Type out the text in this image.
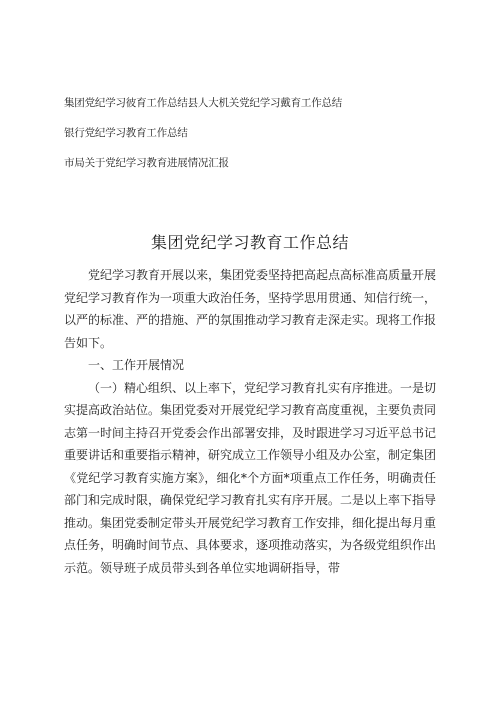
集团党纪学习彼育工作总结县人大机关党纪学习戴育工作总结
银行党纪学习教育工作总结
市局关于党纪学习教育进展情况汇报
集团党纪学习教育工作总结

党纪学习教育开展以来，集团党委坚持把高起点高标准高质量开展党纪学习教育作为一项重大政治任务，坚持学思用贯通、知信行统一，以严的标准、严的措施、严的氛围推动学习教育走深走实。现将工作报告如下。

一、工作开展情况

（一）精心组织、以上率下，党纪学习教育扎实有序推进。一是切实提高政治站位。集团党委对开展党纪学习教育高度重视，主要负责同志第一时间主持召开党委会作出部署安排，及时跟进学习习近平总书记重要讲话和重要指示精神，研究成立工作领导小组及办公室，制定集团《党纪学习教育实施方案》，细化*个方面*项重点工作任务，明确责任部门和完成时限，确保党纪学习教育扎实有序开展。二是以上率下指导推动。集团党委制定带头开展党纪学习教育工作安排，细化提出每月重点任务，明确时间节点、具体要求，逐项推动落实，为各级党组织作出示范。领导班子成员带头到各单位实地调研指导，带
